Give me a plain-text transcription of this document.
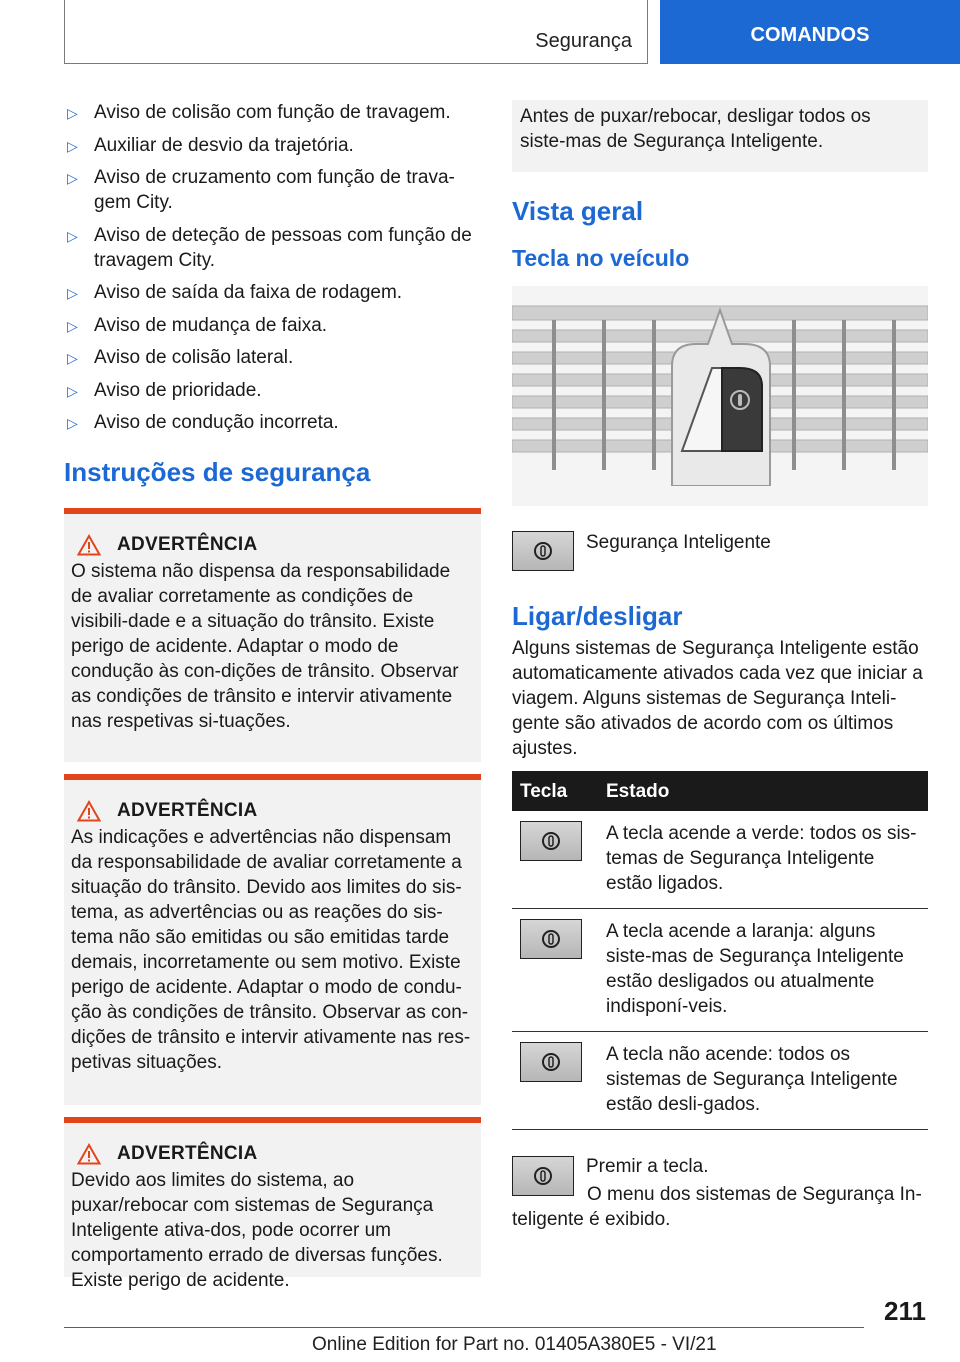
Segurança	COMANDOS
▷ Aviso de colisão com função de travagem.
▷ Auxiliar de desvio da trajetória.
▷ Aviso de cruzamento com função de trava-gem City.
▷ Aviso de deteção de pessoas com função de travagem City.
▷ Aviso de saída da faixa de rodagem.
▷ Aviso de mudança de faixa.
▷ Aviso de colisão lateral.
▷ Aviso de prioridade.
▷ Aviso de condução incorreta.
Instruções de segurança
ADVERTÊNCIA
O sistema não dispensa da responsabilidade de avaliar corretamente as condições de visibili-dade e a situação do trânsito. Existe perigo de acidente. Adaptar o modo de condução às con-dições de trânsito. Observar as condições de trânsito e intervir ativamente nas respetivas si-tuações.
ADVERTÊNCIA
As indicações e advertências não dispensam da responsabilidade de avaliar corretamente a situação do trânsito. Devido aos limites do sis-tema, as advertências ou as reações do sis-tema não são emitidas ou são emitidas tarde demais, incorretamente ou sem motivo. Existe perigo de acidente. Adaptar o modo de condu-ção às condições de trânsito. Observar as con-dições de trânsito e intervir ativamente nas res-petivas situações.
ADVERTÊNCIA
Devido aos limites do sistema, ao puxar/rebocar com sistemas de Segurança Inteligente ativa-dos, pode ocorrer um comportamento errado de diversas funções. Existe perigo de acidente.
Antes de puxar/rebocar, desligar todos os siste-mas de Segurança Inteligente.
Vista geral
Tecla no veículo

Segurança Inteligente

Ligar/desligar

Alguns sistemas de Segurança Inteligente estão automaticamente ativados cada vez que iniciar a viagem. Alguns sistemas de Segurança Inteli-gente são ativados de acordo com os últimos ajustes.

Tecla	Estado

	A tecla acende a verde: todos os sis-temas de Segurança Inteligente estão ligados.

	A tecla acende a laranja: alguns siste-mas de Segurança Inteligente estão desligados ou atualmente indisponí-veis.

	A tecla não acende: todos os sistemas de Segurança Inteligente estão desli-gados.

Premir a tecla.

O menu dos sistemas de Segurança In-teligente é exibido.

211
Online Edition for Part no. 01405A380E5 - VI/21
